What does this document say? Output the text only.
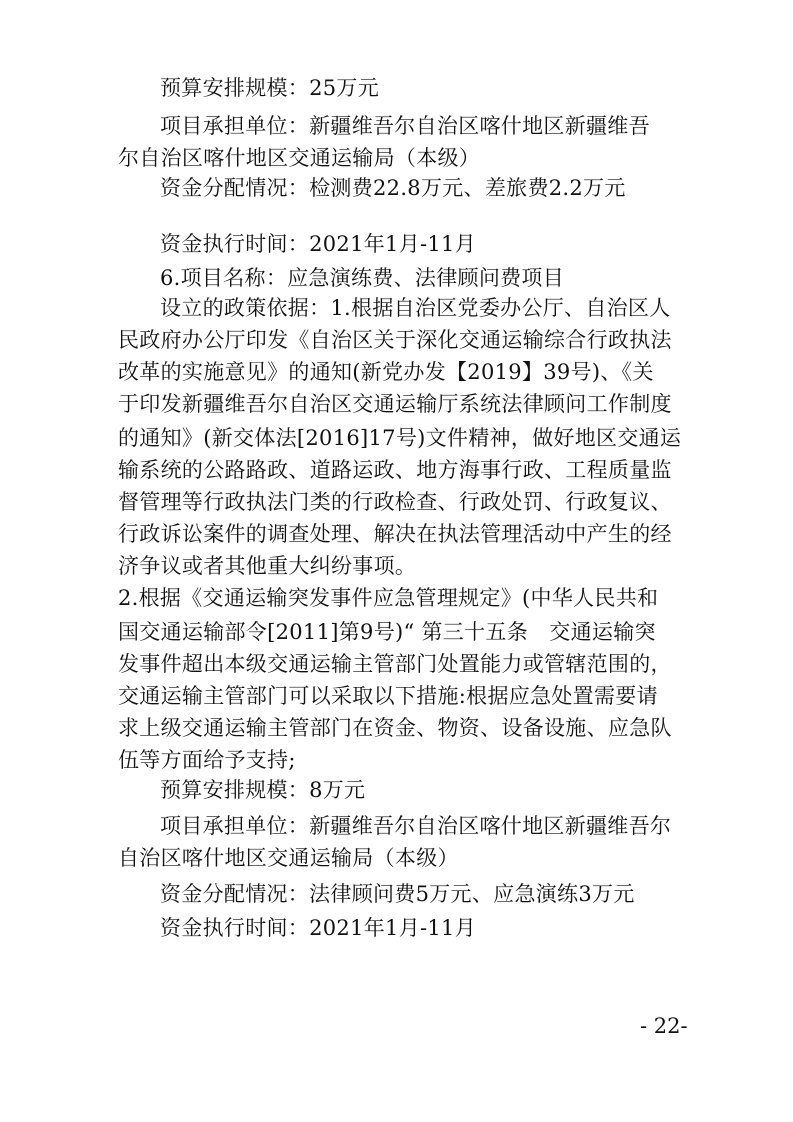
预算安排规模：25万元
项目承担单位：新疆维吾尔自治区喀什地区新疆维吾
尔自治区喀什地区交通运输局（本级）
资金分配情况：检测费22.8万元、差旅费2.2万元
资金执行时间：2021年1月-11月
6.项目名称：应急演练费、法律顾问费项目
设立的政策依据：1.根据自治区党委办公厅、自治区人
民政府办公厅印发《自治区关于深化交通运输综合行政执法
改革的实施意见》的通知(新党办发【2019】39号)、《关
于印发新疆维吾尔自治区交通运输厅系统法律顾问工作制度
的通知》(新交体法[2016]17号)文件精神，做好地区交通运
输系统的公路路政、道路运政、地方海事行政、工程质量监
督管理等行政执法门类的行政检查、行政处罚、行政复议、
行政诉讼案件的调查处理、解决在执法管理活动中产生的经
济争议或者其他重大纠纷事项。
2.根据《交通运输突发事件应急管理规定》(中华人民共和
国交通运输部令[2011]第9号)“ 第三十五条　交通运输突
发事件超出本级交通运输主管部门处置能力或管辖范围的，
交通运输主管部门可以采取以下措施:根据应急处置需要请
求上级交通运输主管部门在资金、物资、设备设施、应急队
伍等方面给予支持;
预算安排规模：8万元
项目承担单位：新疆维吾尔自治区喀什地区新疆维吾尔
自治区喀什地区交通运输局（本级）
资金分配情况：法律顾问费5万元、应急演练3万元
资金执行时间：2021年1月-11月
- 22-
